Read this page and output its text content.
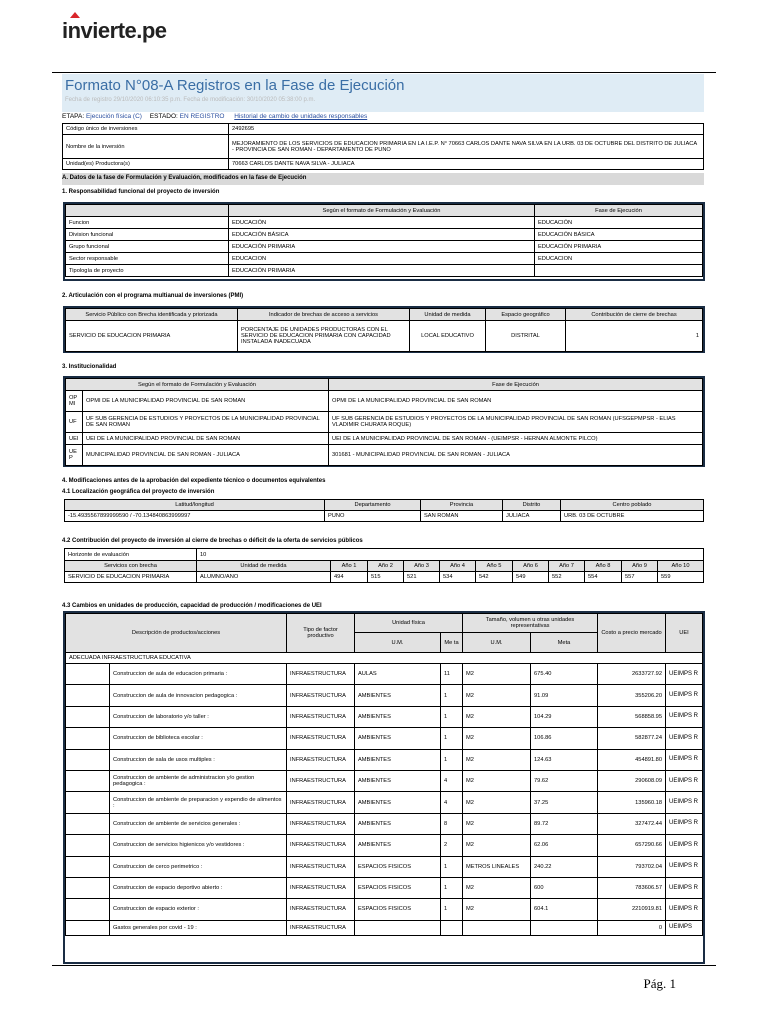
invierte.pe
Formato N°08-A Registros en la Fase de Ejecución
Fecha de registro 29/10/2020 06:10:35 p.m. Fecha de modificación: 30/10/2020 05:38:00 p.m.
ETAPA: Ejecución física (C) ESTADO: EN REGISTRO Historial de cambio de unidades responsables
Código único de inversiones	2492695
Nombre de la inversión	MEJORAMIENTO DE LOS SERVICIOS DE EDUCACION PRIMARIA EN LA I.E.P. N° 70663 CARLOS DANTE NAVA SILVA EN LA URB. 03 DE OCTUBRE DEL DISTRITO DE JULIACA - PROVINCIA DE SAN ROMAN - DEPARTAMENTO DE PUNO
Unidad(es) Productora(s)	70663 CARLOS DANTE NAVA SILVA - JULIACA
A. Datos de la fase de Formulación y Evaluación, modificados en la fase de Ejecución
1. Responsabilidad funcional del proyecto de inversión
	Según el formato de Formulación y Evaluación	Fase de Ejecución
Funcion	EDUCACIÓN	EDUCACIÓN
Division funcional	EDUCACIÓN BÁSICA	EDUCACIÓN BÁSICA
Grupo funcional	EDUCACIÓN PRIMARIA	EDUCACIÓN PRIMARIA
Sector responsable	EDUCACION	EDUCACION
Tipología de proyecto	EDUCACIÓN PRIMARIA	
2. Articulación con el programa multianual de inversiones (PMI)
Servicio Público con Brecha identificada y priorizada	Indicador de brechas de acceso a servicios	Unidad de medida	Espacio geográfico	Contribución de cierre de brechas
SERVICIO DE EDUCACION PRIMARIA	PORCENTAJE DE UNIDADES PRODUCTORAS CON EL SERVICIO DE EDUCACION PRIMARIA CON CAPACIDAD INSTALADA INADECUADA	LOCAL EDUCATIVO	DISTRITAL	1
3. Institucionalidad
Según el formato de Formulación y Evaluación		Fase de Ejecución
OP MI	OPMI DE LA MUNICIPALIDAD PROVINCIAL DE SAN ROMAN	OPMI DE LA MUNICIPALIDAD PROVINCIAL DE SAN ROMAN
UF	UF SUB GERENCIA DE ESTUDIOS Y PROYECTOS DE LA MUNICIPALIDAD PROVINCIAL DE SAN ROMAN	UF SUB GERENCIA DE ESTUDIOS Y PROYECTOS DE LA MUNICIPALIDAD PROVINCIAL DE SAN ROMAN (UFSGEPMPSR - ELIAS VLADIMIR CHURATA ROQUE)
UEI	UEI DE LA MUNICIPALIDAD PROVINCIAL DE SAN ROMAN	UEI DE LA MUNICIPALIDAD PROVINCIAL DE SAN ROMAN - (UEIMPSR - HERNAN ALMONTE PILCO)
UE P	MUNICIPALIDAD PROVINCIAL DE SAN ROMAN - JULIACA	301681 - MUNICIPALIDAD PROVINCIAL DE SAN ROMAN - JULIACA
4. Modificaciones antes de la aprobación del expediente técnico o documentos equivalentes
4.1 Localización geográfica del proyecto de inversión
Latitud/longitud	Departamento	Provincia	Distrito	Centro poblado
-15.4935567899999590 / -70.134840863999997	PUNO	SAN ROMAN	JULIACA	URB. 03 DE OCTUBRE
4.2 Contribución del proyecto de inversión al cierre de brechas o déficit de la oferta de servicios públicos
Horizonte de evaluación	10										
Servicios con brecha	Unidad de medida	Año 1	Año 2	Año 3	Año 4	Año 5	Año 6	Año 7	Año 8	Año 9	Año 10
SERVICIO DE EDUCACION PRIMARIA	ALUMNO/ANO	494	515	521	534	542	549	552	554	557	559
4.3 Cambios en unidades de producción, capacidad de producción / modificaciones de UEI
Descripción de productos/acciones		Tipo de factor productivo	Unidad física		Tamaño, volumen u otras unidades representativas		Costo a precio mercado	UEI
			U.M.	Me ta	U.M.	Meta		
ADECUADA INFRAESTRUCTURA EDUCATIVA								
	Construccion de aula de educacion primaria :	INFRAESTRUCTURA	AULAS	11	M2	675.40	2633727.92	UEIMPS R
	Construccion de aula de innovacion pedagogica :	INFRAESTRUCTURA	AMBIENTES	1	M2	91.09	355206.20	UEIMPS R
	Construccion de laboratorio y/o taller :	INFRAESTRUCTURA	AMBIENTES	1	M2	104.29	568858.95	UEIMPS R
	Construccion de biblioteca escolar :	INFRAESTRUCTURA	AMBIENTES	1	M2	106.86	582877.24	UEIMPS R
	Construccion de sala de usos multiples :	INFRAESTRUCTURA	AMBIENTES	1	M2	124.63	454891.80	UEIMPS R
	Construccion de ambiente de administracion y/o gestion pedagogica :	INFRAESTRUCTURA	AMBIENTES	4	M2	79.62	290608.09	UEIMPS R
	Construccion de ambiente de preparacion y expendio de alimentos :	INFRAESTRUCTURA	AMBIENTES	4	M2	37.25	135960.18	UEIMPS R
	Construccion de ambiente de servicios generales :	INFRAESTRUCTURA	AMBIENTES	8	M2	89.72	327472.44	UEIMPS R
	Construccion de servicios higienicos y/o vestidores :	INFRAESTRUCTURA	AMBIENTES	2	M2	62.06	657290.66	UEIMPS R
	Construccion de cerco perimetrico :	INFRAESTRUCTURA	ESPACIOS FISICOS	1	METROS LINEALES	240.22	793702.04	UEIMPS R
	Construccion de espacio deportivo abierto :	INFRAESTRUCTURA	ESPACIOS FISICOS	1	M2	600	783606.57	UEIMPS R
	Construccion de espacio exterior :	INFRAESTRUCTURA	ESPACIOS FISICOS	1	M2	604.1	2210919.81	UEIMPS R
	Gastos generales por covid - 19 :	INFRAESTRUCTURA					0	UEIMPS
Pág. 1
